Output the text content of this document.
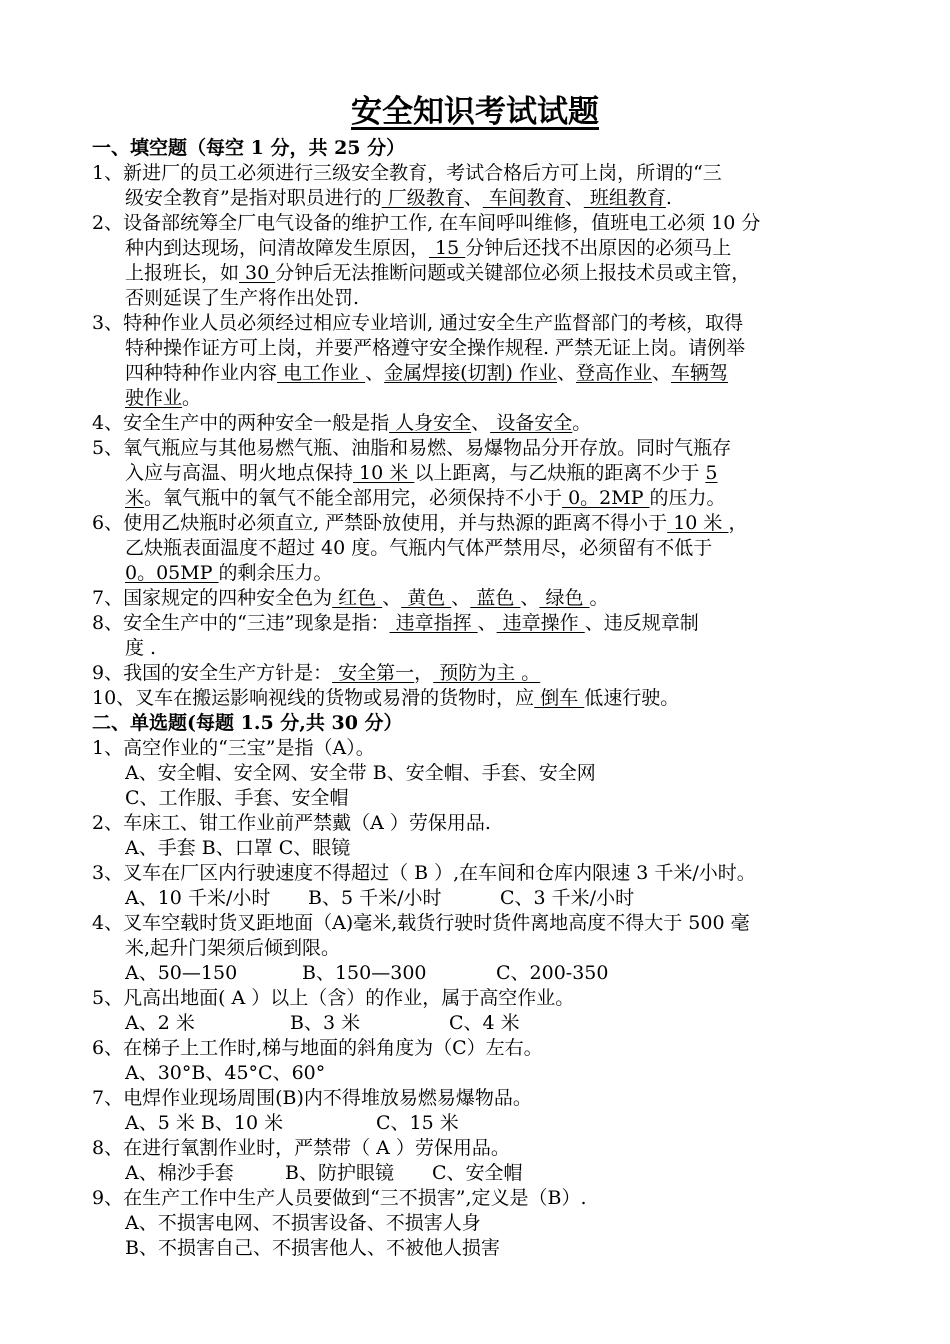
安全知识考试试题
一、填空题（每空 1 分，共 25 分）
1、新进厂的员工必须进行三级安全教育，考试合格后方可上岗，所谓的“三
级安全教育”是指对职员进行的 厂级教育、 车间教育、 班组教育.
2、设备部统筹全厂电气设备的维护工作, 在车间呼叫维修，值班电工必须 10 分
种内到达现场，问清故障发生原因， 15 分钟后还找不出原因的必须马上
上报班长，如 30 分钟后无法推断问题或关键部位必须上报技术员或主管，
否则延误了生产将作出处罚.
3、特种作业人员必须经过相应专业培训, 通过安全生产监督部门的考核，取得
特种操作证方可上岗，并要严格遵守安全操作规程. 严禁无证上岗。请例举
四种特种作业内容 电工作业 、金属焊接(切割) 作业、登高作业、车辆驾
驶作业。
4、安全生产中的两种安全一般是指 人身安全、 设备安全。
5、氧气瓶应与其他易燃气瓶、油脂和易燃、易爆物品分开存放。同时气瓶存
入应与高温、明火地点保持 10 米 以上距离，与乙炔瓶的距离不少于 5
米。氧气瓶中的氧气不能全部用完，必须保持不小于 0。2MP 的压力。
6、使用乙炔瓶时必须直立, 严禁卧放使用，并与热源的距离不得小于 10 米 ，
乙炔瓶表面温度不超过 40 度。气瓶内气体严禁用尽，必须留有不低于
0。05MP 的剩余压力。
7、国家规定的四种安全色为 红色 、 黄色 、 蓝色 、 绿色 。
8、安全生产中的“三违”现象是指： 违章指挥 、 违章操作 、违反规章制
度 .
9、我国的安全生产方针是： 安全第一， 预防为主 。
10、叉车在搬运影响视线的货物或易滑的货物时，应 倒车 低速行驶。
二、单选题(每题 1.5 分,共 30 分）
1、高空作业的“三宝”是指（A）。
A、安全帽、安全网、安全带 B、安全帽、手套、安全网
C、工作服、手套、安全帽
2、车床工、钳工作业前严禁戴（A ）劳保用品.
A、手套 B、口罩 C、眼镜
3、叉车在厂区内行驶速度不得超过（ B ）,在车间和仓库内限速 3 千米/小时。
A、10 千米/小时 B、5 千米/小时	C、3 千米/小时
4、叉车空载时货叉距地面（A)毫米,载货行驶时货件离地高度不得大于 500 毫
米,起升门架须后倾到限。
A、50—150	B、150—300	C、200-350
5、凡高出地面( A ）以上（含）的作业，属于高空作业。
A、2 米	B、3 米	C、4 米
6、在梯子上工作时,梯与地面的斜角度为（C）左右。
A、30°B、45°C、60°
7、电焊作业现场周围(B)内不得堆放易燃易爆物品。
A、5 米 B、10 米	C、15 米
8、在进行氧割作业时，严禁带（ A ）劳保用品。
A、棉沙手套	B、防护眼镜 C、安全帽
9、在生产工作中生产人员要做到“三不损害”,定义是（B）.
A、不损害电网、不损害设备、不损害人身
B、不损害自己、不损害他人、不被他人损害
